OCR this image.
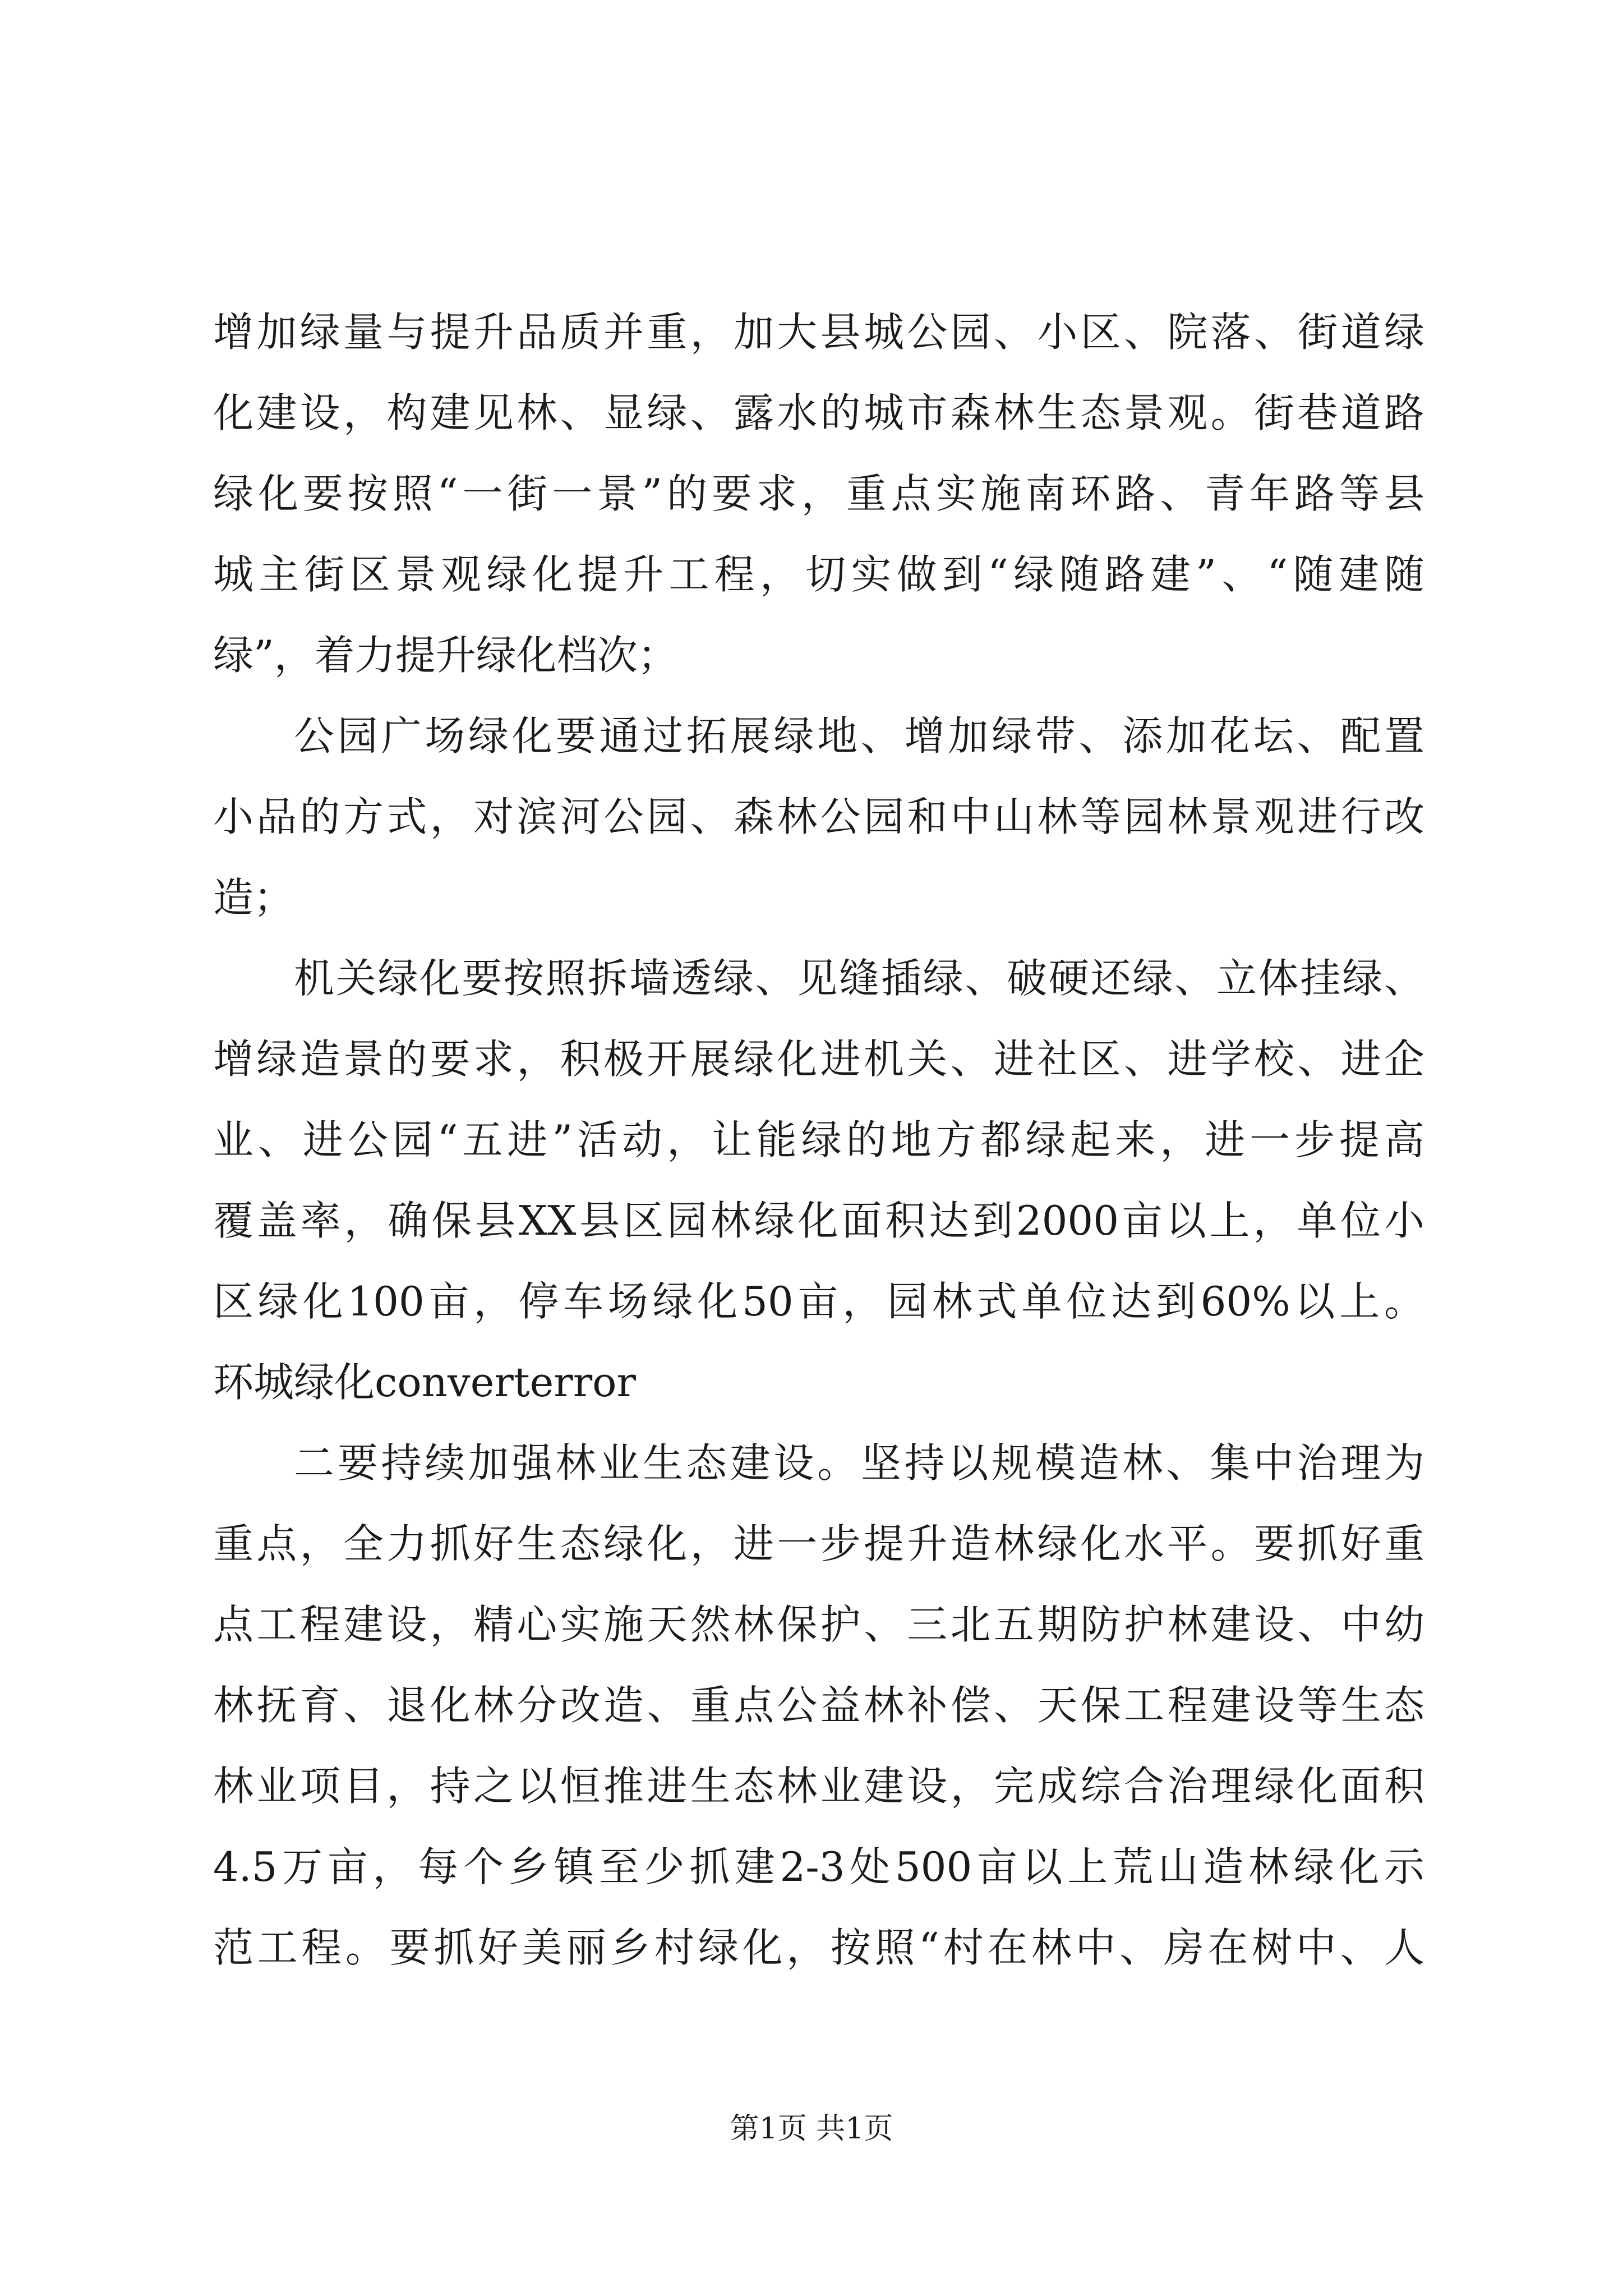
增加绿量与提升品质并重，加大县城公园、小区、院落、街道绿
化建设，构建见林、显绿、露水的城市森林生态景观。街巷道路
绿化要按照“一街一景”的要求，重点实施南环路、青年路等县
城主街区景观绿化提升工程，切实做到“绿随路建”、“随建随
绿”，着力提升绿化档次；
公园广场绿化要通过拓展绿地、增加绿带、添加花坛、配置
小品的方式，对滨河公园、森林公园和中山林等园林景观进行改
造；
机关绿化要按照拆墙透绿、见缝插绿、破硬还绿、立体挂绿、
增绿造景的要求，积极开展绿化进机关、进社区、进学校、进企
业、进公园“五进”活动，让能绿的地方都绿起来，进一步提高
覆盖率，确保县XX县区园林绿化面积达到2000亩以上，单位小
区绿化100亩，停车场绿化50亩，园林式单位达到60%以上。
环城绿化converterror
二要持续加强林业生态建设。坚持以规模造林、集中治理为
重点，全力抓好生态绿化，进一步提升造林绿化水平。要抓好重
点工程建设，精心实施天然林保护、三北五期防护林建设、中幼
林抚育、退化林分改造、重点公益林补偿、天保工程建设等生态
林业项目，持之以恒推进生态林业建设，完成综合治理绿化面积
4.5万亩，每个乡镇至少抓建2-3处500亩以上荒山造林绿化示
范工程。要抓好美丽乡村绿化，按照“村在林中、房在树中、人
第1页 共1页
